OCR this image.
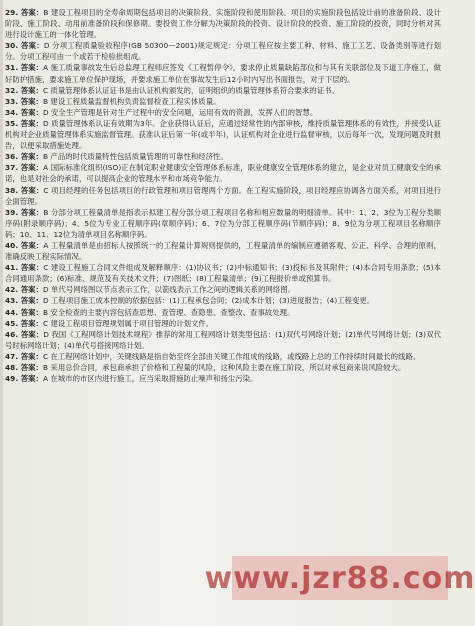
29. 答案：B 建设工程项目的全寿命周期包括项目的决策阶段、实施阶段和使用阶段。项目的实施阶段包括设计前的准备阶段、设计阶段、施工阶段、动用前准备阶段和保修期。要投资工作分解为决策阶段的投资、设计阶段的投资、施工阶段的投资，同时分析对其进行设计施工的一体化管理。

30. 答案：D 分项工程质量验收程序(GB 50300—2001)规定规定：分项工程应按主要工种、材料、施工工艺、设备类别等进行划分。分项工程可由一个或若干检验批组成。

31. 答案：A 施工质量事故发生后总监理工程师应签发《工程暂停令》，要求停止质量缺陷部位和与其有关联部位及下道工序施工，做好防护措施，要求施工单位保护现场，并要求施工单位在事故发生后12小时内写出书面报告，对于下层的。

32. 答案：C 质量管理体系认证证书是由认证机构颁发的，证明组织的质量管理体系符合要求的证书。

33. 答案：B 建设工程质量监督机构负责监督检查工程实体质量。

34. 答案：D 安全生产管理是针对生产过程中的安全问题，运用有效的资源，发挥人们的智慧。

35. 答案：D 质量管理体系认证有效期为3年。企业获得认证后，应通过经常性的内部审核，维持质量管理体系的有效性，并接受认证机构对企业质量管理体系实施监督管理。获准认证后第一年(或半年)，认证机构对企业进行监督审核，以后每年一次，发现问题及时报告，以便采取措施处理。

36. 答案：B 产品的时代质量特性包括质量管理的可靠性和经济性。

37. 答案：A 国际标准化组织(ISO)正在制定职业健康安全管理体系标准，职业健康安全管理体系的建立，是企业对员工健康安全的承诺，也是对社会的承诺，可以提高企业的管理水平和市场竞争能力。

38. 答案：C 项目经理的任务包括项目的行政管理和项目管理两个方面。在工程实施阶段，项目经理应协调各方面关系，对项目进行全面管理。

39. 答案：B 分部分项工程量清单是指表示拟建工程分部分项工程项目名称和相应数量的明细清单。其中：1、2、3位为工程分类顺序码(附录顺序码)；4、5位为专业工程顺序码(章顺序码)；6、7位为分部工程顺序码(节顺序码)；8、9位为分项工程项目名称顺序码；10、11、12位为清单项目名称顺序码。

40. 答案：A 工程量清单是由招标人按照统一的工程量计算规则提供的，工程量清单的编制应遵循客观、公正、科学、合理的原则，准确反映工程实际情况。

41. 答案：C 建设工程施工合同文件组成及解释顺序：(1)协议书；(2)中标通知书；(3)投标书及其附件；(4)本合同专用条款；(5)本合同通用条款；(6)标准、规范及有关技术文件；(7)图纸；(8)工程量清单；(9)工程报价单或预算书。

42. 答案：D 单代号网络图以节点表示工作，以箭线表示工作之间的逻辑关系的网络图。

43. 答案：D 工程项目施工成本控制的依据包括：(1)工程承包合同；(2)成本计划；(3)进度报告；(4)工程变更。

44. 答案：B 安全检查的主要内容包括查思想、查管理、查隐患、查整改、查事故处理。

45. 答案：C 建设工程项目管理规划属于项目管理的计划文件。

46. 答案：D 我国《工程网络计划技术规程》推荐的常用工程网络计划类型包括：(1)双代号网络计划；(2)单代号网络计划；(3)双代号时标网络计划；(4)单代号搭接网络计划。

47. 答案：C 在工程网络计划中，关键线路是指自始至终全部由关键工作组成的线路，或线路上总的工作持续时间最长的线路。

48. 答案：B 采用总价合同，承包商承担了价格和工程量的风险，这种风险主要在施工阶段，所以对承包商来说风险较大。

49. 答案：A 在城市的市区内进行施工，应当采取措施防止噪声和扬尘污染。

www.jzr88.com
